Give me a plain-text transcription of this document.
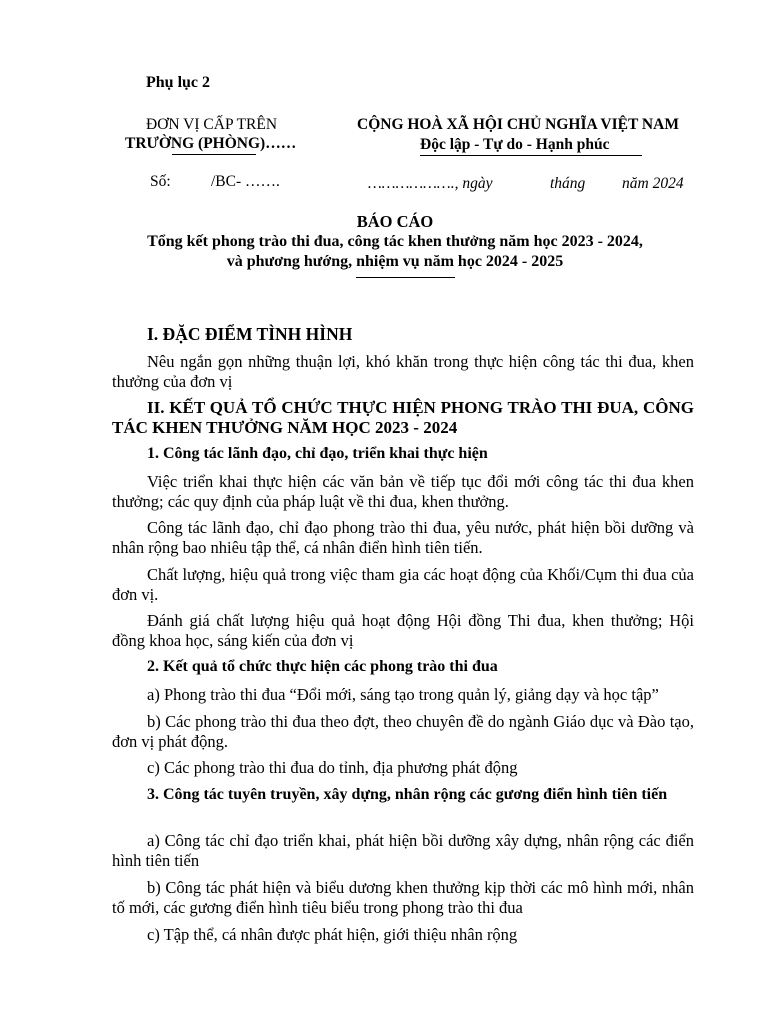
Phụ lục 2
ĐƠN VỊ CẤP TRÊN
TRƯỜNG (PHÒNG)……
Số:	/BC- …….
CỘNG HOÀ XÃ HỘI CHỦ NGHĨA VIỆT NAM
Độc lập - Tự do - Hạnh phúc
………………., ngày	tháng năm 2024
BÁO CÁO
Tổng kết phong trào thi đua, công tác khen thưởng năm học 2023 - 2024,
và phương hướng, nhiệm vụ năm học 2024 - 2025
I. ĐẶC ĐIỂM TÌNH HÌNH
Nêu ngắn gọn những thuận lợi, khó khăn trong thực hiện công tác thi đua, khen thưởng của đơn vị
II. KẾT QUẢ TỔ CHỨC THỰC HIỆN PHONG TRÀO THI ĐUA, CÔNG TÁC KHEN THƯỞNG NĂM HỌC 2023 - 2024
1. Công tác lãnh đạo, chỉ đạo, triển khai thực hiện
Việc triển khai thực hiện các văn bản về tiếp tục đổi mới công tác thi đua khen thưởng; các quy định của pháp luật về thi đua, khen thưởng.
Công tác lãnh đạo, chỉ đạo phong trào thi đua, yêu nước, phát hiện bồi dưỡng và nhân rộng bao nhiêu tập thể, cá nhân điển hình tiên tiến.
Chất lượng, hiệu quả trong việc tham gia các hoạt động của Khối/Cụm thi đua của đơn vị.
Đánh giá chất lượng hiệu quả hoạt động Hội đồng Thi đua, khen thưởng; Hội đồng khoa học, sáng kiến của đơn vị
2. Kết quả tổ chức thực hiện các phong trào thi đua
a) Phong trào thi đua “Đổi mới, sáng tạo trong quản lý, giảng dạy và học tập”
b) Các phong trào thi đua theo đợt, theo chuyên đề do ngành Giáo dục và Đào tạo, đơn vị phát động.
c) Các phong trào thi đua do tỉnh, địa phương phát động
3. Công tác tuyên truyền, xây dựng, nhân rộng các gương điển hình tiên tiến
a) Công tác chỉ đạo triển khai, phát hiện bồi dưỡng xây dựng, nhân rộng các điển hình tiên tiến
b) Công tác phát hiện và biểu dương khen thưởng kịp thời các mô hình mới, nhân tố mới, các gương điển hình tiêu biểu trong phong trào thi đua
c) Tập thể, cá nhân được phát hiện, giới thiệu nhân rộng
